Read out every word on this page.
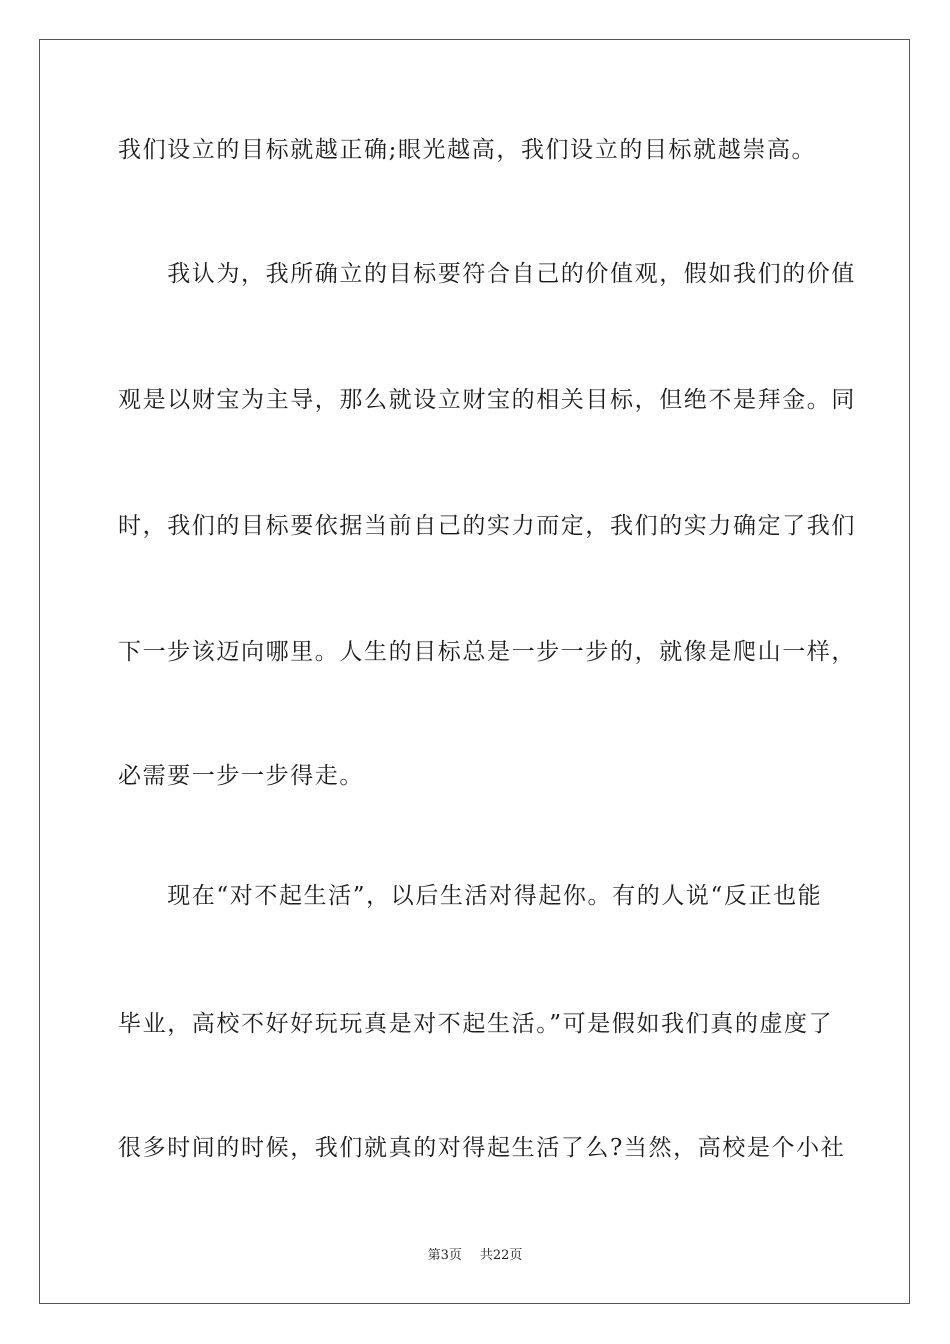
我们设立的目标就越正确;眼光越高，我们设立的目标就越崇高。
　　我认为，我所确立的目标要符合自己的价值观，假如我们的价值
观是以财宝为主导，那么就设立财宝的相关目标，但绝不是拜金。同
时，我们的目标要依据当前自己的实力而定，我们的实力确定了我们
下一步该迈向哪里。人生的目标总是一步一步的，就像是爬山一样，
必需要一步一步得走。
　　现在“对不起生活”，以后生活对得起你。有的人说“反正也能
毕业，高校不好好玩玩真是对不起生活。”可是假如我们真的虚度了
很多时间的时候，我们就真的对得起生活了么?当然，高校是个小社
第3页 共22页
